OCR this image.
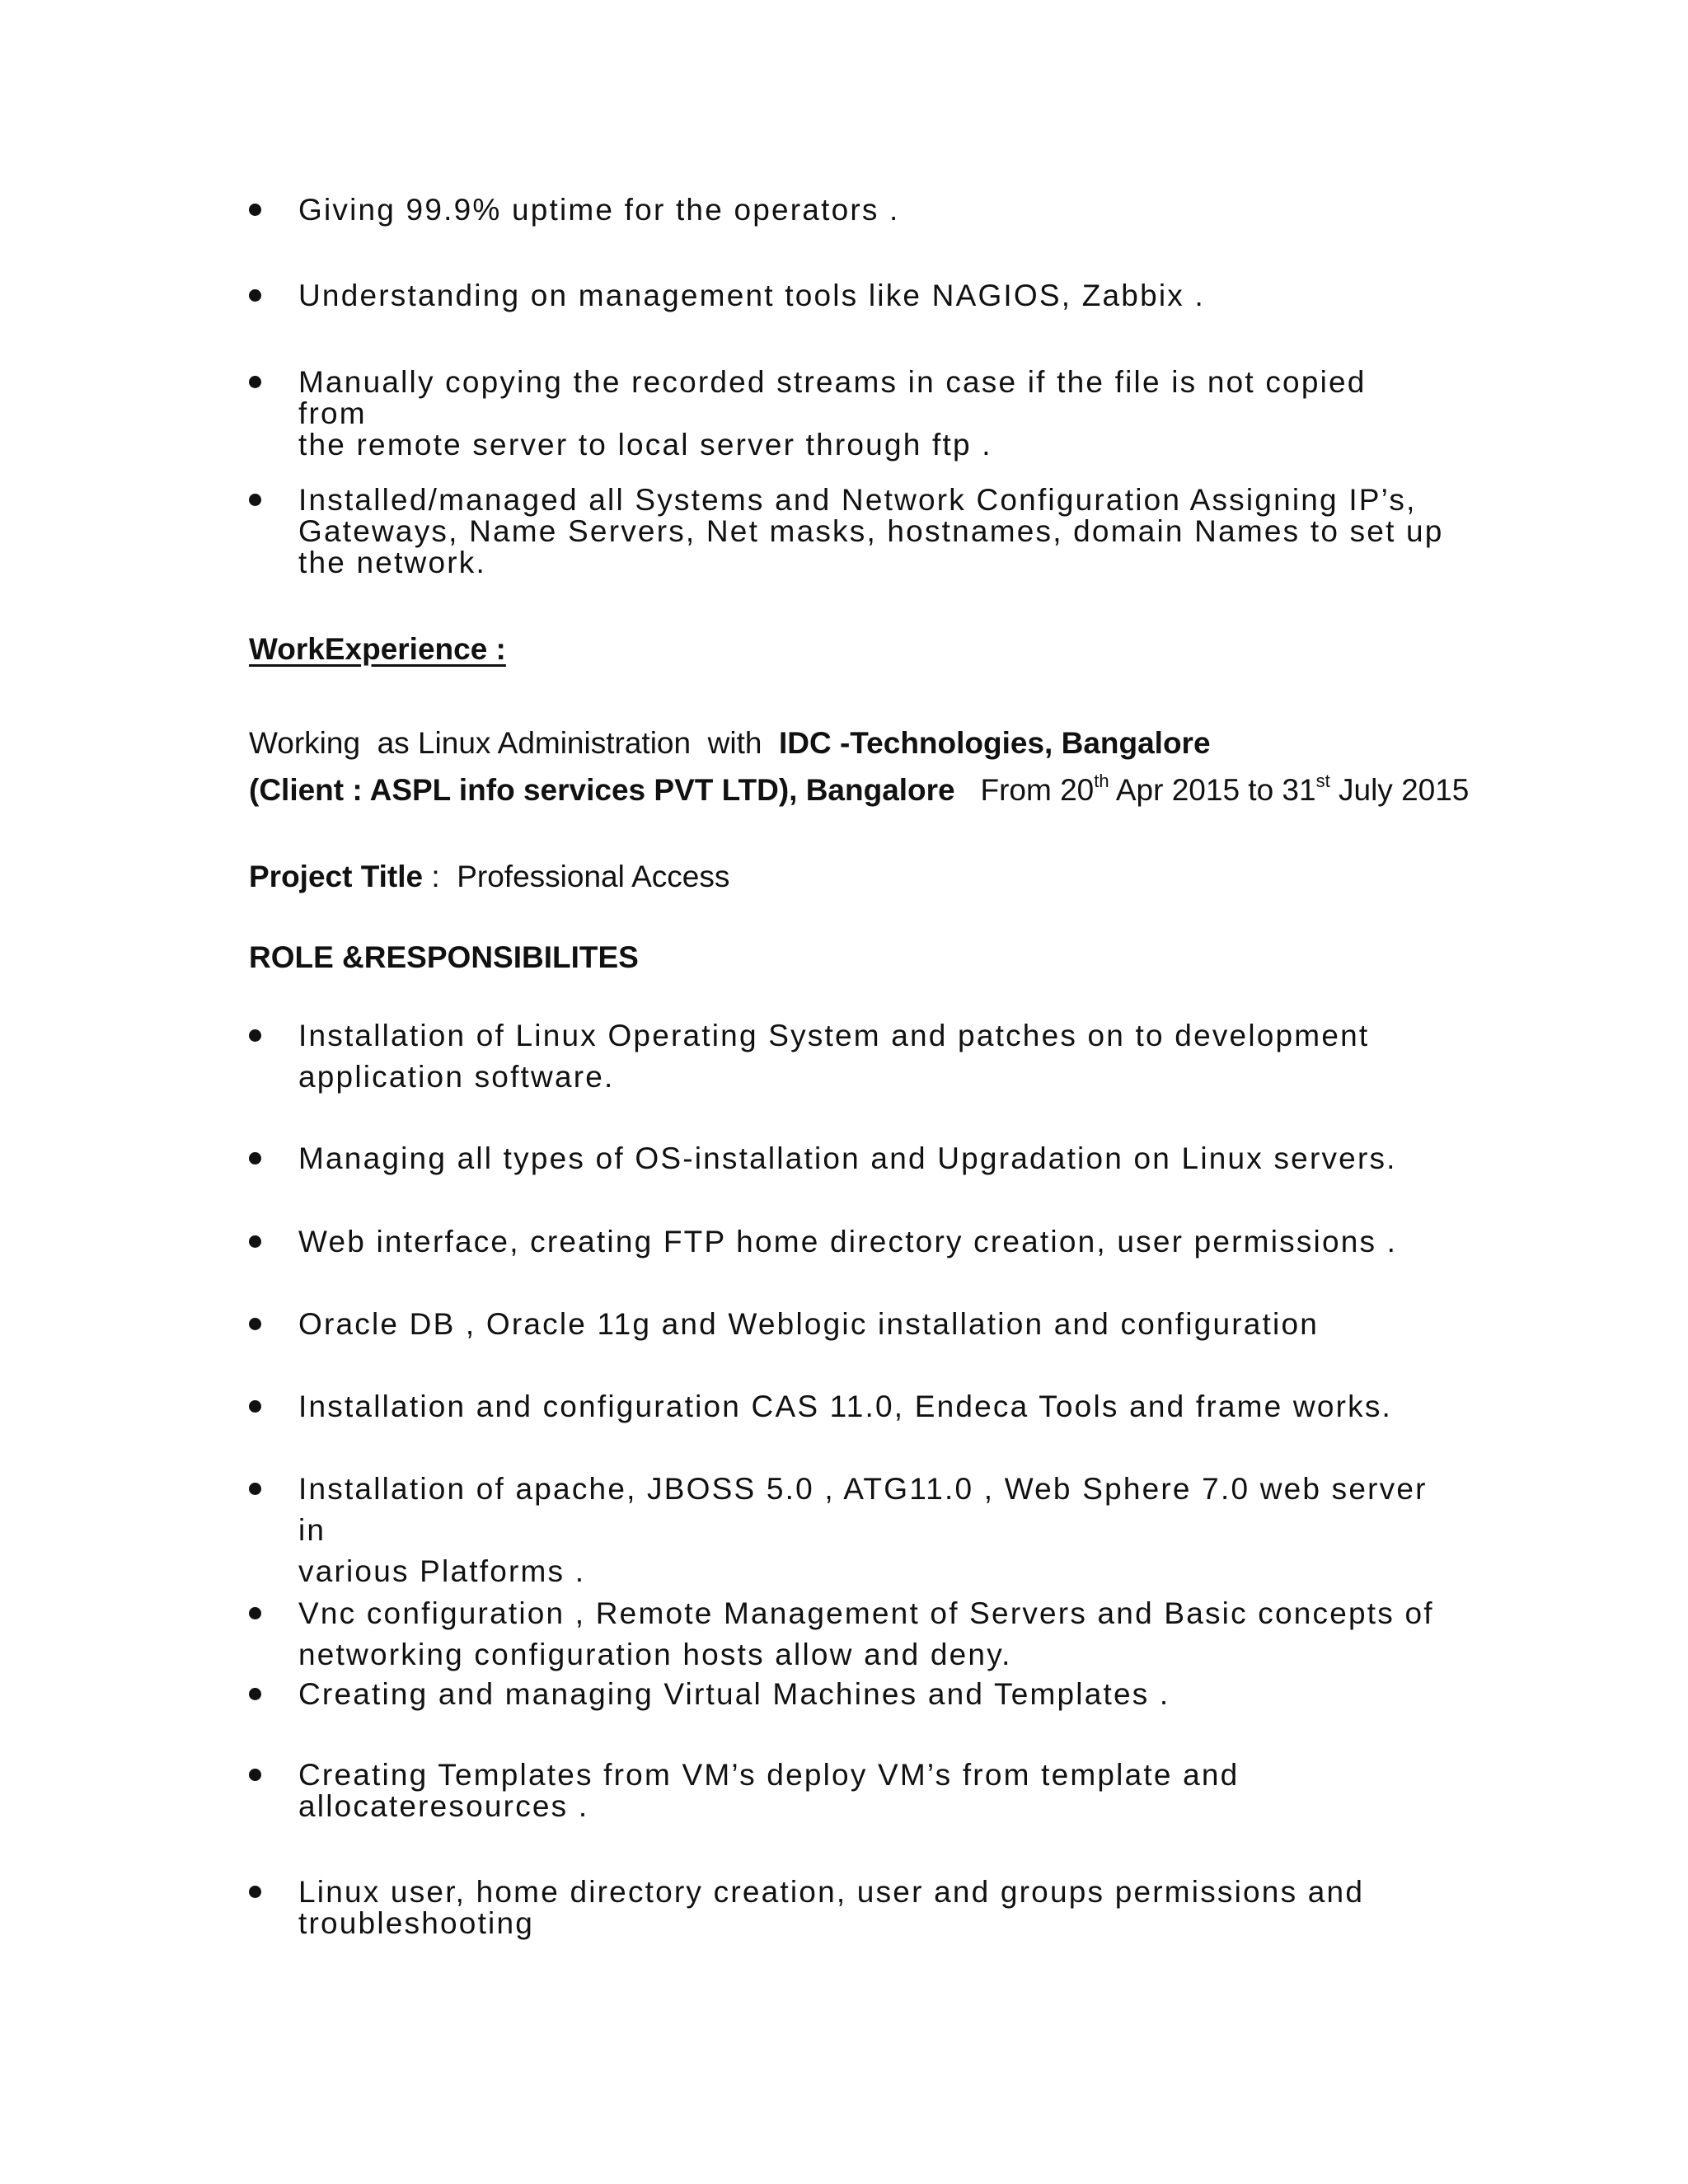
Giving 99.9% uptime for the operators .
Understanding on management tools like NAGIOS, Zabbix .
Manually copying the recorded streams in case if the file is not copied from
the remote server to local server through ftp .
Installed/managed all Systems and Network Configuration Assigning IP’s,
Gateways, Name Servers, Net masks, hostnames, domain Names to set up
the network.
WorkExperience :
Working  as Linux Administration  with  IDC -Technologies, Bangalore
(Client : ASPL info services PVT LTD), Bangalore From 20th Apr 2015 to 31st July 2015
Project Title :  Professional Access
ROLE &RESPONSIBILITES
Installation of Linux Operating System and patches on to development
application software.
Managing all types of OS-installation and Upgradation on Linux servers.
Web interface, creating FTP home directory creation, user permissions .
Oracle DB , Oracle 11g and Weblogic installation and configuration
Installation and configuration CAS 11.0, Endeca Tools and frame works.
Installation of apache, JBOSS 5.0 , ATG11.0 , Web Sphere 7.0 web server in
various Platforms .
Vnc configuration , Remote Management of Servers and Basic concepts of
networking configuration hosts allow and deny.
Creating and managing Virtual Machines and Templates .
Creating Templates from VM’s deploy VM’s from template and
allocateresources .
Linux user, home directory creation, user and groups permissions and
troubleshooting
